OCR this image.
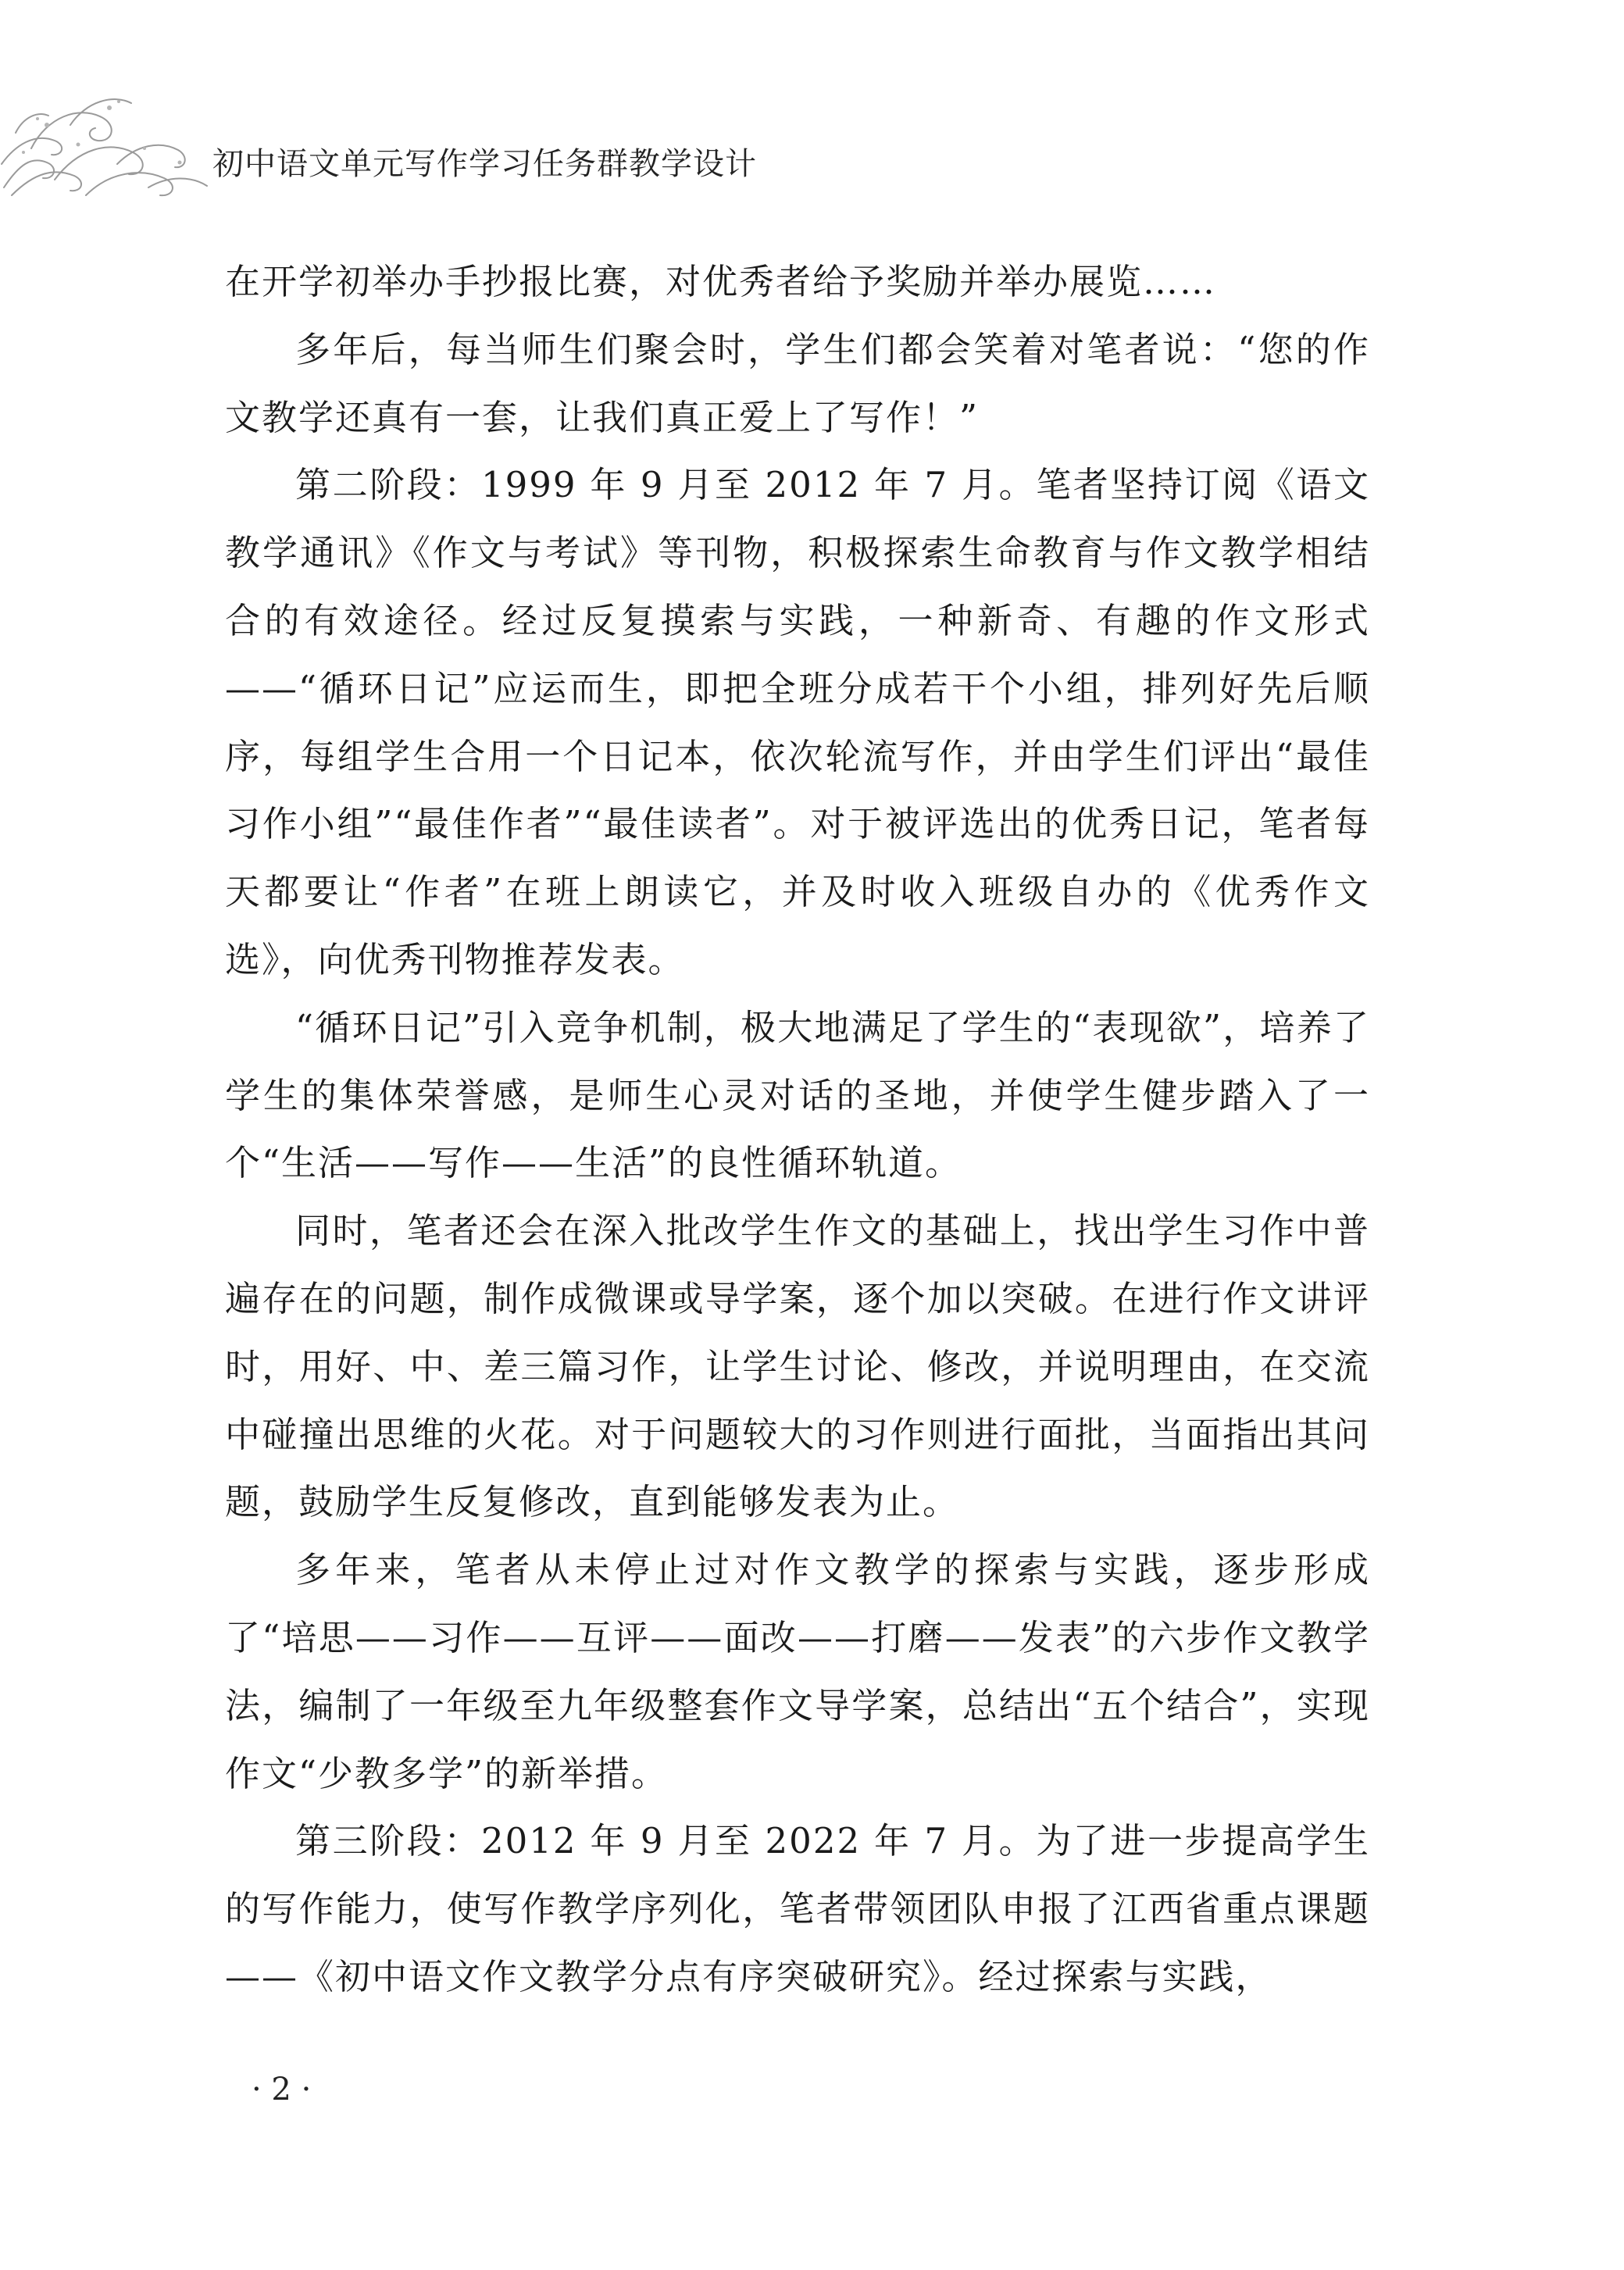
初中语文单元写作学习任务群教学设计

在开学初举办手抄报比赛，对优秀者给予奖励并举办展览……

多年后，每当师生们聚会时，学生们都会笑着对笔者说：“您的作文教学还真有一套，让我们真正爱上了写作！”

第二阶段：1999 年 9 月至 2012 年 7 月。笔者坚持订阅《语文教学通讯》《作文与考试》等刊物，积极探索生命教育与作文教学相结合的有效途径。经过反复摸索与实践，一种新奇、有趣的作文形式——“循环日记”应运而生，即把全班分成若干个小组，排列好先后顺序，每组学生合用一个日记本，依次轮流写作，并由学生们评出“最佳习作小组”“最佳作者”“最佳读者”。对于被评选出的优秀日记，笔者每天都要让“作者”在班上朗读它，并及时收入班级自办的《优秀作文选》，向优秀刊物推荐发表。

“循环日记”引入竞争机制，极大地满足了学生的“表现欲”，培养了学生的集体荣誉感，是师生心灵对话的圣地，并使学生健步踏入了一个“生活——写作——生活”的良性循环轨道。

同时，笔者还会在深入批改学生作文的基础上，找出学生习作中普遍存在的问题，制作成微课或导学案，逐个加以突破。在进行作文讲评时，用好、中、差三篇习作，让学生讨论、修改，并说明理由，在交流中碰撞出思维的火花。对于问题较大的习作则进行面批，当面指出其问题，鼓励学生反复修改，直到能够发表为止。

多年来，笔者从未停止过对作文教学的探索与实践，逐步形成了“培思——习作——互评——面改——打磨——发表”的六步作文教学法，编制了一年级至九年级整套作文导学案，总结出“五个结合”，实现作文“少教多学”的新举措。

第三阶段：2012 年 9 月至 2022 年 7 月。为了进一步提高学生的写作能力，使写作教学序列化，笔者带领团队申报了江西省重点课题——《初中语文作文教学分点有序突破研究》。经过探索与实践，

· 2 ·
